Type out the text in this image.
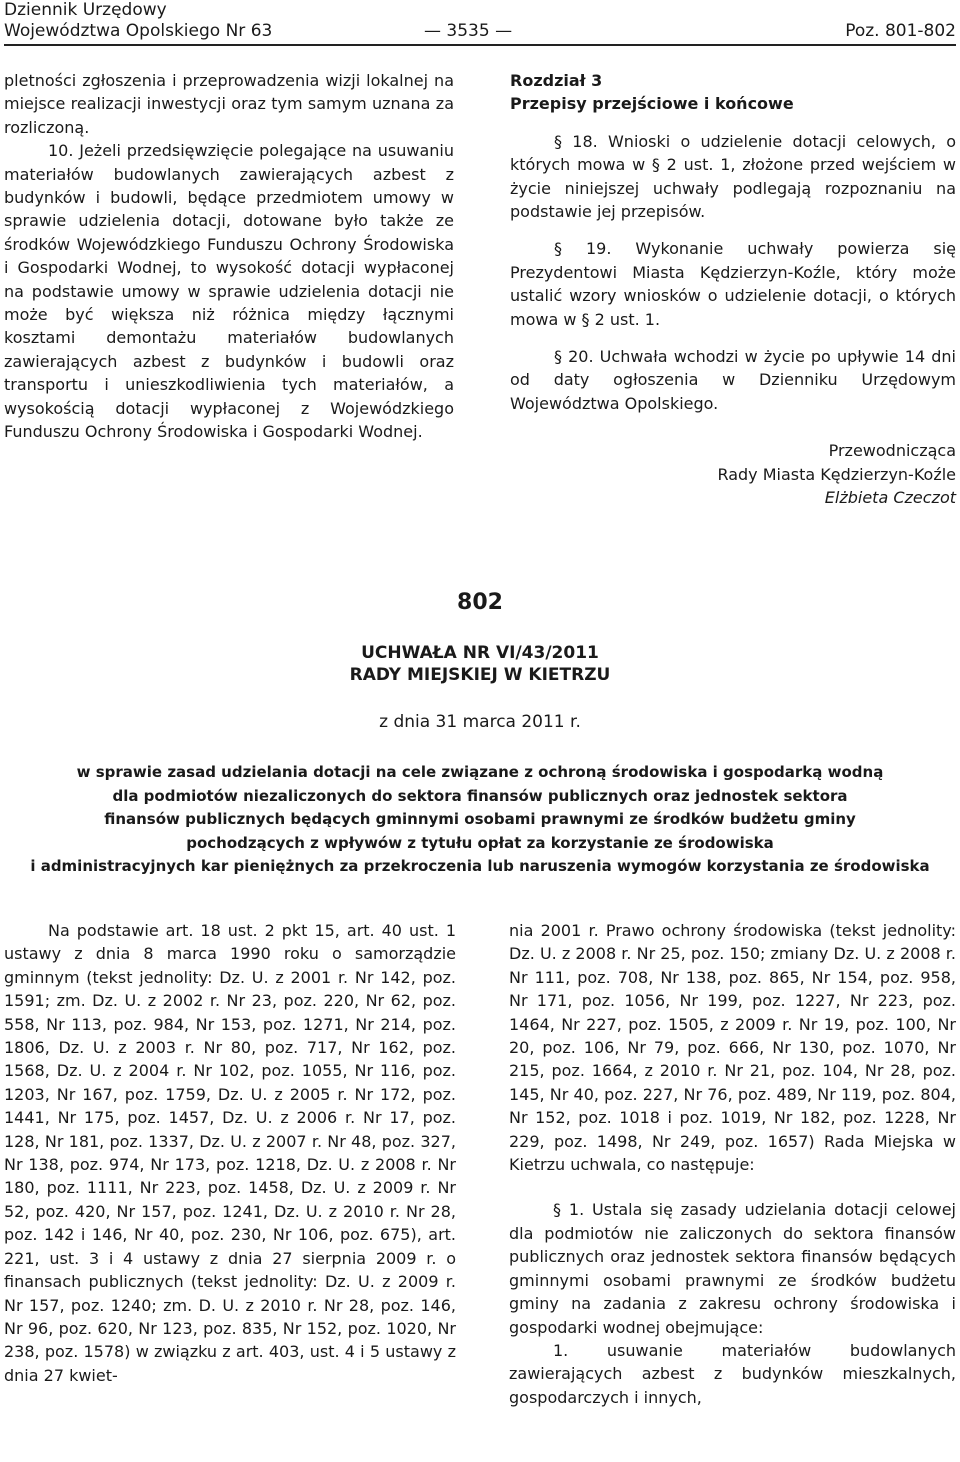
Dziennik Urzędowy
Województwa Opolskiego Nr 63	— 3535 —	Poz. 801-802

pletności zgłoszenia i przeprowadzenia wizji lokalnej na miejsce realizacji inwestycji oraz tym samym uznana za rozliczoną.

10. Jeżeli przedsięwzięcie polegające na usuwaniu materiałów budowlanych zawierających azbest z budynków i budowli, będące przedmiotem umowy w sprawie udzielenia dotacji, dotowane było także ze środków Wojewódzkiego Funduszu Ochrony Środowiska i Gospodarki Wodnej, to wysokość dotacji wypłaconej na podstawie umowy w sprawie udzielenia dotacji nie może być większa niż różnica między łącznymi kosztami demontażu materiałów budowlanych zawierających azbest z budynków i budowli oraz transportu i unieszkodliwienia tych materiałów, a wysokością dotacji wypłaconej z Wojewódzkiego Funduszu Ochrony Środowiska i Gospodarki Wodnej.

Rozdział 3

Przepisy przejściowe i końcowe

§ 18. Wnioski o udzielenie dotacji celowych, o których mowa w § 2 ust. 1, złożone przed wejściem w życie niniejszej uchwały podlegają rozpoznaniu na podstawie jej przepisów.

§ 19. Wykonanie uchwały powierza się Prezydentowi Miasta Kędzierzyn-Koźle, który może ustalić wzory wniosków o udzielenie dotacji, o których mowa w § 2 ust. 1.

§ 20. Uchwała wchodzi w życie po upływie 14 dni od daty ogłoszenia w Dzienniku Urzędowym Województwa Opolskiego.

Przewodnicząca

Rady Miasta Kędzierzyn-Koźle

Elżbieta Czeczot

802
UCHWAŁA NR VI/43/2011
RADY MIEJSKIEJ W KIETRZU
z dnia 31 marca 2011 r.
w sprawie zasad udzielania dotacji na cele związane z ochroną środowiska i gospodarką wodną
dla podmiotów niezaliczonych do sektora finansów publicznych oraz jednostek sektora
finansów publicznych będących gminnymi osobami prawnymi ze środków budżetu gminy
pochodzących z wpływów z tytułu opłat za korzystanie ze środowiska
i administracyjnych kar pieniężnych za przekroczenia lub naruszenia wymogów korzystania ze środowiska

Na podstawie art. 18 ust. 2 pkt 15, art. 40 ust. 1 ustawy z dnia 8 marca 1990 roku o samorządzie gminnym (tekst jednolity: Dz. U. z 2001 r. Nr 142, poz. 1591; zm. Dz. U. z 2002 r. Nr 23, poz. 220, Nr 62, poz. 558, Nr 113, poz. 984, Nr 153, poz. 1271, Nr 214, poz. 1806, Dz. U. z 2003 r. Nr 80, poz. 717, Nr 162, poz. 1568, Dz. U. z 2004 r. Nr 102, poz. 1055, Nr 116, poz. 1203, Nr 167, poz. 1759, Dz. U. z 2005 r. Nr 172, poz. 1441, Nr 175, poz. 1457, Dz. U. z 2006 r. Nr 17, poz. 128, Nr 181, poz. 1337, Dz. U. z 2007 r. Nr 48, poz. 327, Nr 138, poz. 974, Nr 173, poz. 1218, Dz. U. z 2008 r. Nr 180, poz. 1111, Nr 223, poz. 1458, Dz. U. z 2009 r. Nr 52, poz. 420, Nr 157, poz. 1241, Dz. U. z 2010 r. Nr 28, poz. 142 i 146, Nr 40, poz. 230, Nr 106, poz. 675), art. 221, ust. 3 i 4 ustawy z dnia 27 sierpnia 2009 r. o finansach publicznych (tekst jednolity: Dz. U. z 2009 r. Nr 157, poz. 1240; zm. D. U. z 2010 r. Nr 28, poz. 146, Nr 96, poz. 620, Nr 123, poz. 835, Nr 152, poz. 1020, Nr 238, poz. 1578) w związku z art. 403, ust. 4 i 5 ustawy z dnia 27 kwiet-

nia 2001 r. Prawo ochrony środowiska (tekst jednolity: Dz. U. z 2008 r. Nr 25, poz. 150; zmiany Dz. U. z 2008 r. Nr 111, poz. 708, Nr 138, poz. 865, Nr 154, poz. 958, Nr 171, poz. 1056, Nr 199, poz. 1227, Nr 223, poz. 1464, Nr 227, poz. 1505, z 2009 r. Nr 19, poz. 100, Nr 20, poz. 106, Nr 79, poz. 666, Nr 130, poz. 1070, Nr 215, poz. 1664, z 2010 r. Nr 21, poz. 104, Nr 28, poz. 145, Nr 40, poz. 227, Nr 76, poz. 489, Nr 119, poz. 804, Nr 152, poz. 1018 i poz. 1019, Nr 182, poz. 1228, Nr 229, poz. 1498, Nr 249, poz. 1657) Rada Miejska w Kietrzu uchwala, co następuje:

§ 1. Ustala się zasady udzielania dotacji celowej dla podmiotów nie zaliczonych do sektora finansów publicznych oraz jednostek sektora finansów będących gminnymi osobami prawnymi ze środków budżetu gminy na zadania z zakresu ochrony środowiska i gospodarki wodnej obejmujące:

1. usuwanie materiałów budowlanych zawierających azbest z budynków mieszkalnych, gospodarczych i innych,
